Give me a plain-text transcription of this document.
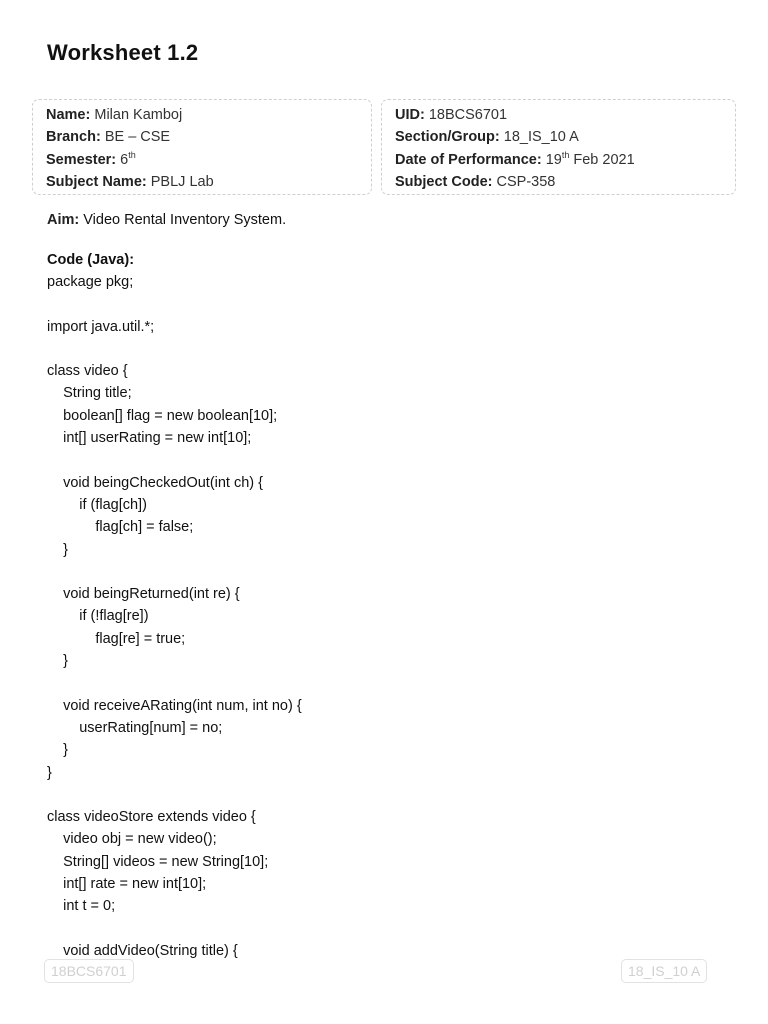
Worksheet 1.2
Name: Milan Kamboj
Branch: BE – CSE
Semester: 6th
Subject Name: PBLJ Lab
UID: 18BCS6701
Section/Group: 18_IS_10 A
Date of Performance: 19th Feb 2021
Subject Code: CSP-358
Aim: Video Rental Inventory System.
Code (Java):
package pkg;
import java.util.*;
class video {
String title;
boolean[] flag = new boolean[10];
int[] userRating = new int[10];
void beingCheckedOut(int ch) {
if (flag[ch])
flag[ch] = false;
}
void beingReturned(int re) {
if (!flag[re])
flag[re] = true;
}
void receiveARating(int num, int no) {
userRating[num] = no;
}
}
class videoStore extends video {
video obj = new video();
String[] videos = new String[10];
int[] rate = new int[10];
int t = 0;
void addVideo(String title) {
18BCS6701	18_IS_10 A
